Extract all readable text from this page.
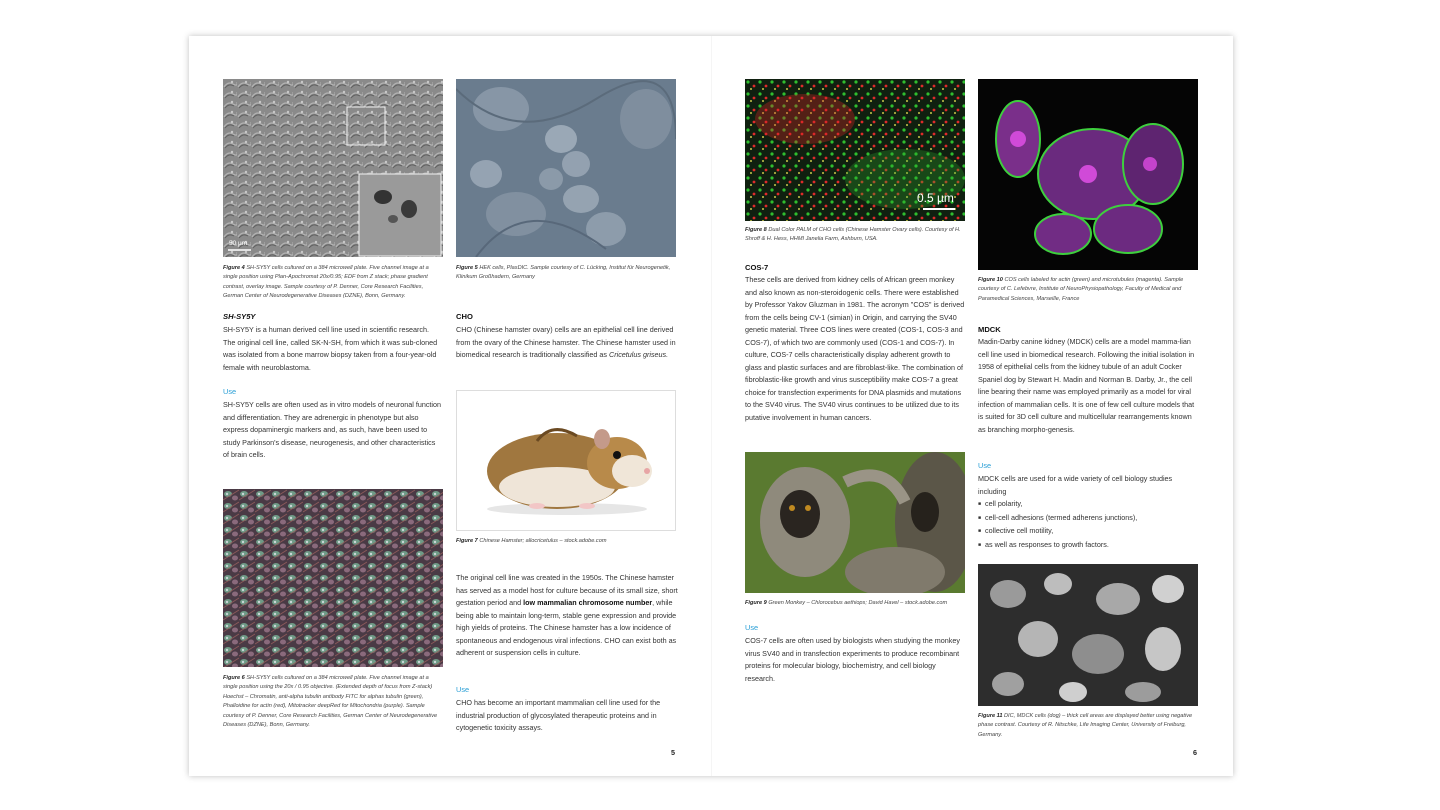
50 µm
Figure 4 SH-SY5Y cells cultured on a 384 microwell plate. Five channel image at a single position using Plan-Apochromat 20x/0.95; EDF from Z stack; phase gradient contrast, overlay image. Sample courtesy of P. Denner, Core Research Facilities, German Center of Neurodegenerative Diseases (DZNE), Bonn, Germany.
Figure 5 HEK cells, PlasDIC. Sample courtesy of C. Lücking, Institut für Neurogenetik, Klinikum Großhadern, Germany
SH-SY5Y
SH-SY5Y is a human derived cell line used in scientific research. The original cell line, called SK-N-SH, from which it was sub-cloned was isolated from a bone marrow biopsy taken from a four-year-old female with neuroblastoma.
Use
SH-SY5Y cells are often used as in vitro models of neuronal function and differentiation. They are adrenergic in phenotype but also express dopaminergic markers and, as such, have been used to study Parkinson's disease, neurogenesis, and other characteristics of brain cells.
CHO
CHO (Chinese hamster ovary) cells are an epithelial cell line derived from the ovary of the Chinese hamster. The Chinese hamster used in biomedical research is traditionally classified as Cricetulus griseus.
Figure 7 Chinese Hamster; allocricetulus – stock.adobe.com
The original cell line was created in the 1950s. The Chinese hamster has served as a model host for culture because of its small size, short gestation period and low mammalian chromosome number, while being able to maintain long-term, stable gene expression and provide high yields of proteins. The Chinese hamster has a low incidence of spontaneous and endogenous viral infections. CHO can exist both as adherent or suspension cells in culture.
Use
CHO has become an important mammalian cell line used for the industrial production of glycosylated therapeutic proteins and in cytogenetic toxicity assays.
Figure 6 SH-SY5Y cells cultured on a 384 microwell plate. Five channel image at a single position using the 20x / 0.95 objective. (Extended depth of focus from Z-stack) Hoechst – Chromatin, anti-alpha tubulin antibody FITC for alphas tubulin (green), Phalloidine for actin (red), Mitotracker deepRed for Mitochondria (purple). Sample courtesy of P. Denner, Core Research Facilities, German Center of Neurodegenerative Diseases (DZNE), Bonn, Germany.
5
0.5 µm
Figure 8 Dual Color PALM of CHO cells (Chinese Hamster Ovary cells). Courtesy of H. Shroff & H. Hess, HHMI Janelia Farm, Ashburn, USA.
Figure 10 COS cells labeled for actin (green) and microtubules (magenta). Sample courtesy of C. Lefebvre, Institute of NeuroPhysiopathology, Faculty of Medical and Paramedical Sciences, Marseille, France
COS-7
These cells are derived from kidney cells of African green monkey and also known as non-steroidogenic cells. There were established by Professor Yakov Gluzman in 1981. The acronym "COS" is derived from the cells being CV-1 (simian) in Origin, and carrying the SV40 genetic material. Three COS lines were created (COS-1, COS-3 and COS-7), of which two are commonly used (COS-1 and COS-7). In culture, COS-7 cells characteristically display adherent growth to glass and plastic surfaces and are fibroblast-like. The combination of fibroblastic-like growth and virus susceptibility make COS-7 a great choice for transfection experiments for DNA plasmids and mutations to the SV40 virus. The SV40 virus continues to be utilized due to its putative involvement in human cancers.
Figure 9 Green Monkey – Chlorocebus aethiops; David Havel – stock.adobe.com
Use
COS-7 cells are often used by biologists when studying the monkey virus SV40 and in transfection experiments to produce recombinant proteins for molecular biology, biochemistry, and cell biology research.
MDCK
Madin-Darby canine kidney (MDCK) cells are a model mamma-lian cell line used in biomedical research. Following the initial isolation in 1958 of epithelial cells from the kidney tubule of an adult Cocker Spaniel dog by Stewart H. Madin and Norman B. Darby, Jr., the cell line bearing their name was employed primarily as a model for viral infection of mammalian cells. It is one of few cell culture models that is suited for 3D cell culture and multicellular rearrangements known as branching morpho-genesis.
Use
MDCK cells are used for a wide variety of cell biology studies including
■ cell polarity,
■ cell-cell adhesions (termed adherens junctions),
■ collective cell motility,
■ as well as responses to growth factors.
Figure 11 DIC, MDCK cells (dog) – thick cell areas are displayed better using negative phase contrast. Courtesy of R. Nitschke, Life Imaging Center, University of Freiburg, Germany.
6
